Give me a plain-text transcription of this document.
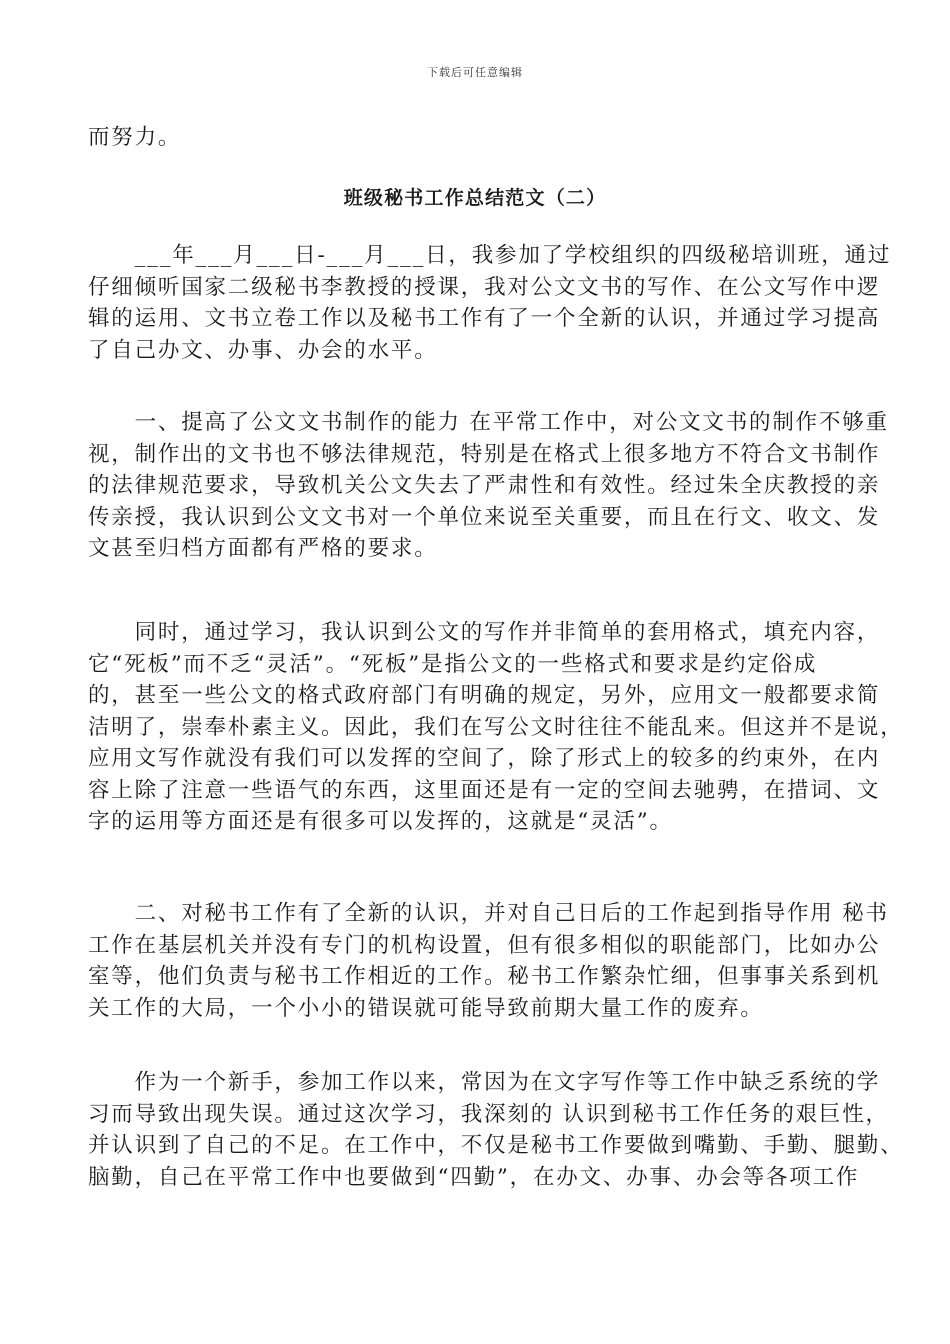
下载后可任意编辑

而努力。

班级秘书工作总结范文（二）

　　___年___月___日-___月___日，我参加了学校组织的四级秘培训班，通过

仔细倾听国家二级秘书李教授的授课，我对公文文书的写作、在公文写作中逻

辑的运用、文书立卷工作以及秘书工作有了一个全新的认识，并通过学习提高

了自己办文、办事、办会的水平。

　　一、提高了公文文书制作的能力 在平常工作中，对公文文书的制作不够重

视，制作出的文书也不够法律规范，特别是在格式上很多地方不符合文书制作

的法律规范要求，导致机关公文失去了严肃性和有效性。经过朱全庆教授的亲

传亲授，我认识到公文文书对一个单位来说至关重要，而且在行文、收文、发

文甚至归档方面都有严格的要求。

　　同时，通过学习，我认识到公文的写作并非简单的套用格式，填充内容，

它“死板”而不乏“灵活”。“死板”是指公文的一些格式和要求是约定俗成

的，甚至一些公文的格式政府部门有明确的规定，另外，应用文一般都要求简

洁明了，崇奉朴素主义。因此，我们在写公文时往往不能乱来。但这并不是说，

应用文写作就没有我们可以发挥的空间了，除了形式上的较多的约束外，在内

容上除了注意一些语气的东西，这里面还是有一定的空间去驰骋，在措词、文

字的运用等方面还是有很多可以发挥的，这就是“灵活”。

　　二、对秘书工作有了全新的认识，并对自己日后的工作起到指导作用 秘书

工作在基层机关并没有专门的机构设置，但有很多相似的职能部门，比如办公

室等，他们负责与秘书工作相近的工作。秘书工作繁杂忙细，但事事关系到机

关工作的大局，一个小小的错误就可能导致前期大量工作的废弃。

　　作为一个新手，参加工作以来，常因为在文字写作等工作中缺乏系统的学

习而导致出现失误。通过这次学习，我深刻的 认识到秘书工作任务的艰巨性，

并认识到了自己的不足。在工作中，不仅是秘书工作要做到嘴勤、手勤、腿勤、

脑勤，自己在平常工作中也要做到“四勤”，在办文、办事、办会等各项工作
